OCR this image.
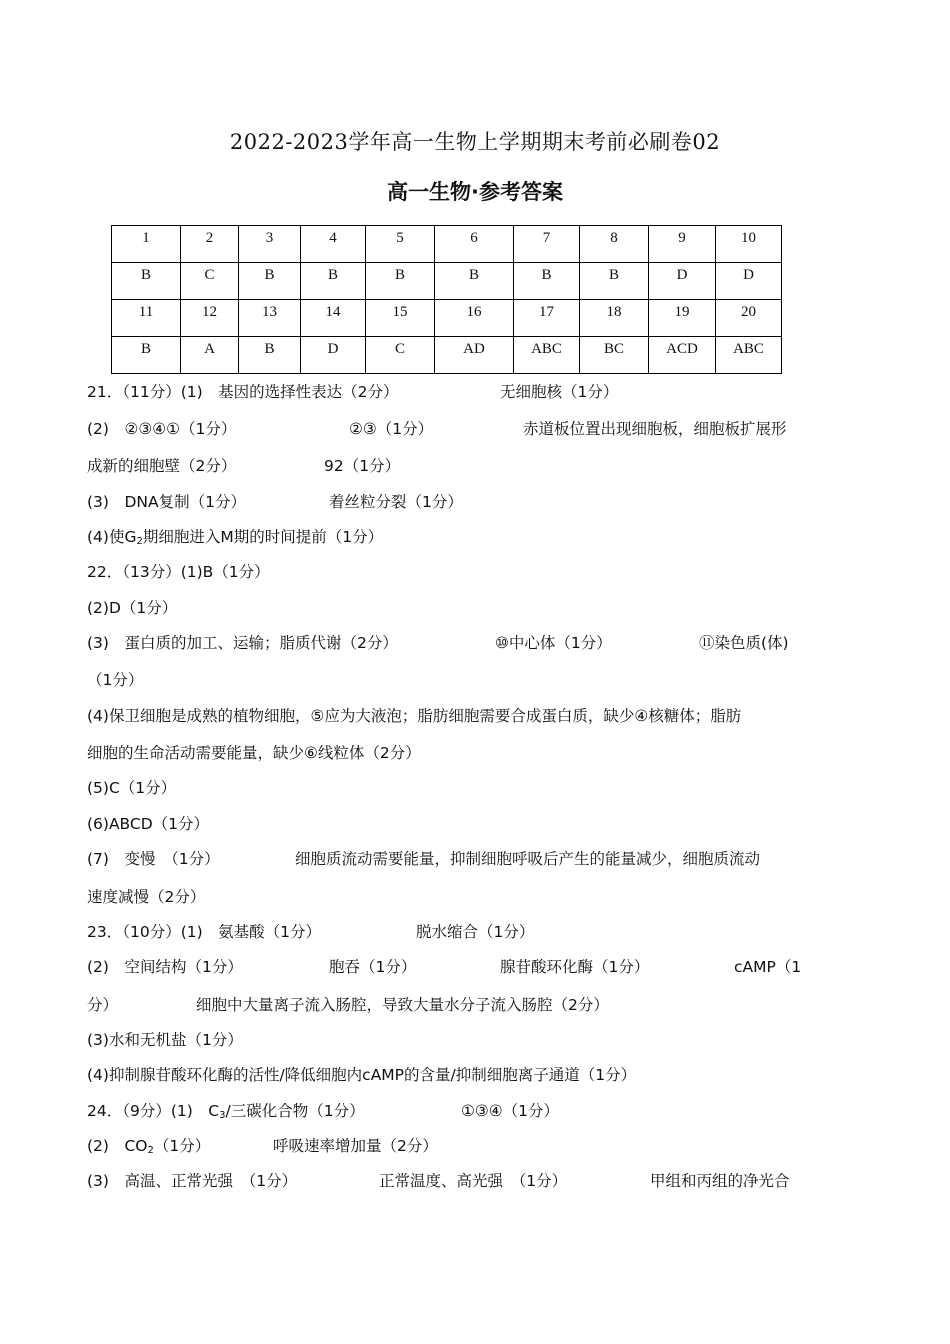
2022-2023学年高一生物上学期期末考前必刷卷02
高一生物·参考答案
1	2	3	4	5	6	7	8	9	10
B	C	B	B	B	B	B	B	D	D
11	12	13	14	15	16	17	18	19	20
B	A	B	D	C	AD	ABC	BC	ACD	ABC
21．（11分）(1)　基因的选择性表达（2分）	无细胞核（1分）
(2)　②③④①（1分）	②③（1分）	赤道板位置出现细胞板，细胞板扩展形
成新的细胞壁（2分）	92（1分）
(3)　DNA复制（1分）	着丝粒分裂（1分）
(4)使$G_2$期细胞进入M期的时间提前（1分）
22．（13分）(1)B（1分）
(2)D（1分）
(3)　蛋白质的加工、运输；脂质代谢（2分）	⑩中心体（1分）	⑪染色质(体)
（1分）
(4)保卫细胞是成熟的植物细胞，⑤应为大液泡；脂肪细胞需要合成蛋白质，缺少④核糖体；脂肪
细胞的生命活动需要能量，缺少⑥线粒体（2分）
(5)C（1分）
(6)ABCD（1分）
(7)　变慢　（1分）	细胞质流动需要能量，抑制细胞呼吸后产生的能量减少，细胞质流动
速度减慢（2分）
23．（10分）(1)　氨基酸（1分）	脱水缩合（1分）
(2)　空间结构（1分）	胞吞（1分）	腺苷酸环化酶（1分）	cAMP（1
分）	细胞中大量离子流入肠腔，导致大量水分子流入肠腔（2分）
(3)水和无机盐（1分）
(4)抑制腺苷酸环化酶的活性/降低细胞内cAMP的含量/抑制细胞离子通道（1分）
24．（9分）(1)　$C_3/$三碳化合物（1分）	①③④（1分）
(2)　$CO_2(1$分）	呼吸速率增加量（2分）
(3)　高温、正常光强　（1分）	正常温度、高光强　（1分）	甲组和丙组的净光合
